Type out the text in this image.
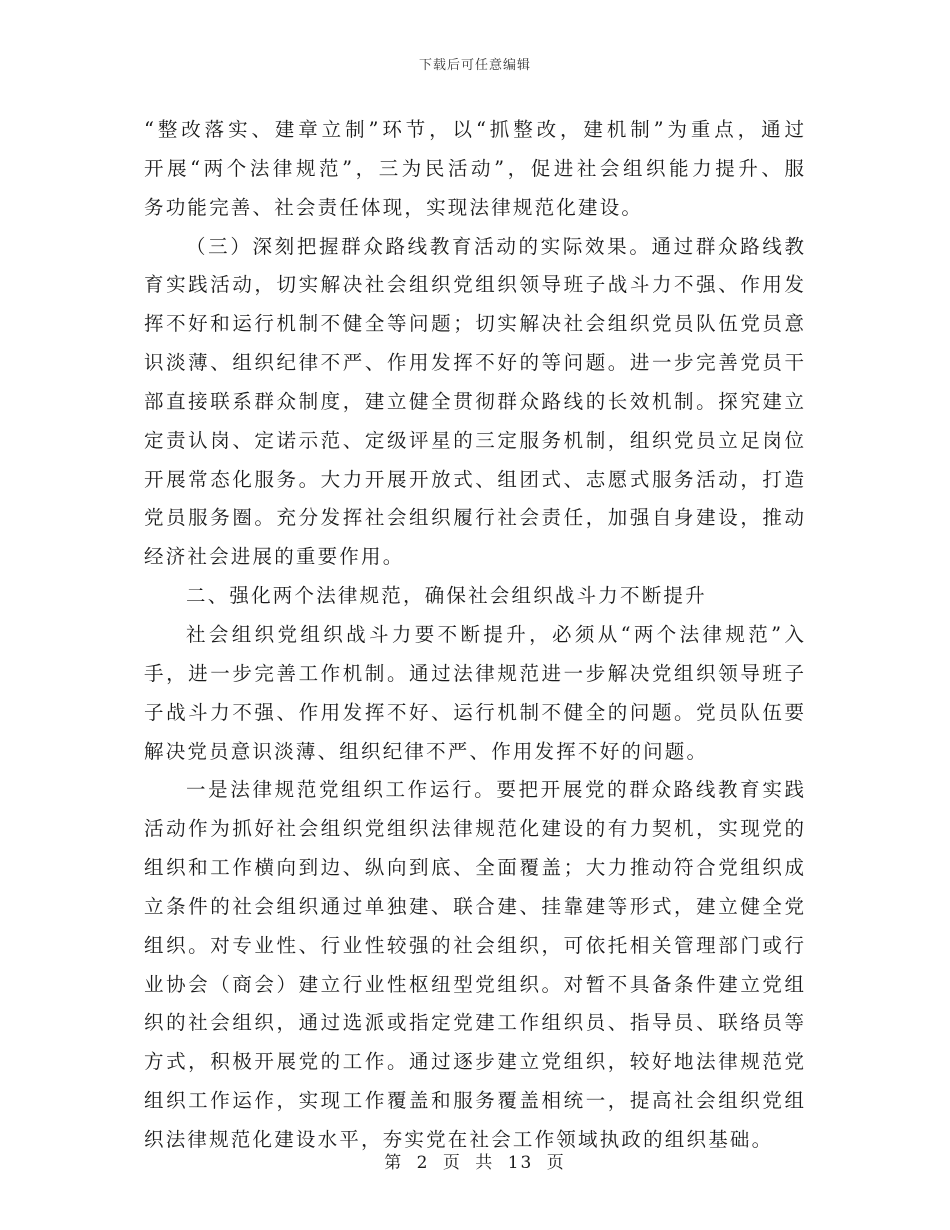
下载后可任意编辑
“整改落实、建章立制”环节，以“抓整改，建机制”为重点，通过
开展“两个法律规范”，三为民活动”，促进社会组织能力提升、服
务功能完善、社会责任体现，实现法律规范化建设。
（三）深刻把握群众路线教育活动的实际效果。通过群众路线教
育实践活动，切实解决社会组织党组织领导班子战斗力不强、作用发
挥不好和运行机制不健全等问题；切实解决社会组织党员队伍党员意
识淡薄、组织纪律不严、作用发挥不好的等问题。进一步完善党员干
部直接联系群众制度，建立健全贯彻群众路线的长效机制。探究建立
定责认岗、定诺示范、定级评星的三定服务机制，组织党员立足岗位
开展常态化服务。大力开展开放式、组团式、志愿式服务活动，打造
党员服务圈。充分发挥社会组织履行社会责任，加强自身建设，推动
经济社会进展的重要作用。
二、强化两个法律规范，确保社会组织战斗力不断提升
社会组织党组织战斗力要不断提升，必须从“两个法律规范”入
手，进一步完善工作机制。通过法律规范进一步解决党组织领导班子
子战斗力不强、作用发挥不好、运行机制不健全的问题。党员队伍要
解决党员意识淡薄、组织纪律不严、作用发挥不好的问题。
一是法律规范党组织工作运行。要把开展党的群众路线教育实践
活动作为抓好社会组织党组织法律规范化建设的有力契机，实现党的
组织和工作横向到边、纵向到底、全面覆盖；大力推动符合党组织成
立条件的社会组织通过单独建、联合建、挂靠建等形式，建立健全党
组织。对专业性、行业性较强的社会组织，可依托相关管理部门或行
业协会（商会）建立行业性枢纽型党组织。对暂不具备条件建立党组
织的社会组织，通过选派或指定党建工作组织员、指导员、联络员等
方式，积极开展党的工作。通过逐步建立党组织，较好地法律规范党
组织工作运作，实现工作覆盖和服务覆盖相统一，提高社会组织党组
织法律规范化建设水平，夯实党在社会工作领域执政的组织基础。
第 2 页 共 13 页
